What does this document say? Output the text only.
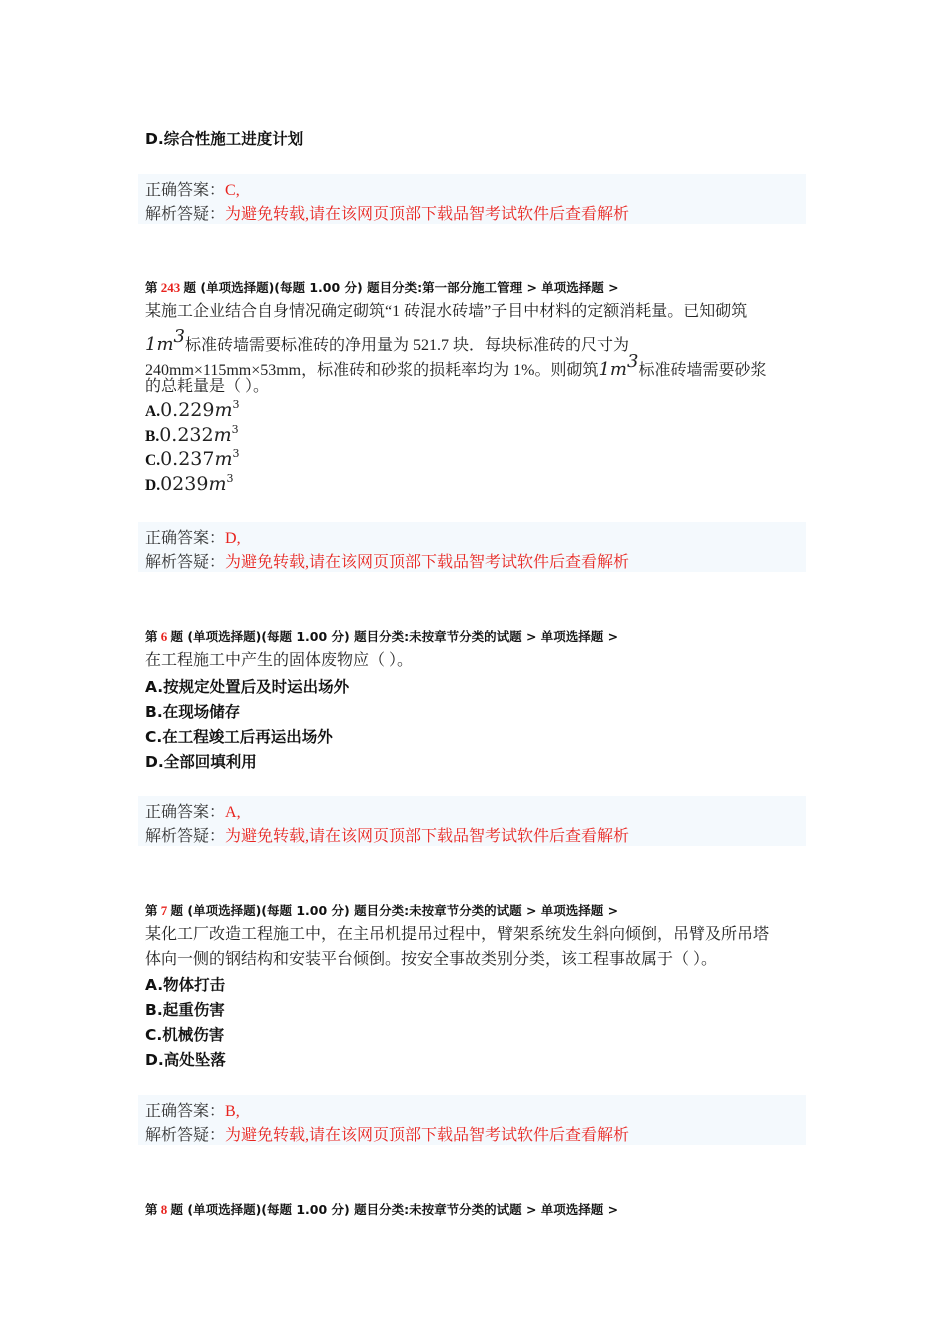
D.综合性施工进度计划
正确答案：C,
解析答疑：为避免转载,请在该网页顶部下载品智考试软件后查看解析
第 243 题 (单项选择题)(每题 1.00 分) 题目分类:第一部分施工管理 > 单项选择题 >
某施工企业结合自身情况确定砌筑“1 砖混水砖墙”子目中材料的定额消耗量。已知砌筑
$1m^3$标准砖墙需要标准砖的净用量为 521.7 块．每块标准砖的尺寸为
240mm×115mm×53mm，标准砖和砂浆的损耗率均为 1%。则砌筑$1m^3$标准砖墙需要砂浆
的总耗量是（ ）。
$A.0.229m^3$
$B.0.232m^3$
$C.0.237m^3$
$D.0239m^3$
正确答案：D,
解析答疑：为避免转载,请在该网页顶部下载品智考试软件后查看解析
第 6 题 (单项选择题)(每题 1.00 分) 题目分类:未按章节分类的试题 > 单项选择题 >
在工程施工中产生的固体废物应（ ）。
A.按规定处置后及时运出场外
B.在现场储存
C.在工程竣工后再运出场外
D.全部回填利用
正确答案：A,
解析答疑：为避免转载,请在该网页顶部下载品智考试软件后查看解析
第 7 题 (单项选择题)(每题 1.00 分) 题目分类:未按章节分类的试题 > 单项选择题 >
某化工厂改造工程施工中，在主吊机提吊过程中，臂架系统发生斜向倾倒，吊臂及所吊塔
体向一侧的钢结构和安装平台倾倒。按安全事故类别分类，该工程事故属于（ ）。
A.物体打击
B.起重伤害
C.机械伤害
D.高处坠落
正确答案：B,
解析答疑：为避免转载,请在该网页顶部下载品智考试软件后查看解析
第 8 题 (单项选择题)(每题 1.00 分) 题目分类:未按章节分类的试题 > 单项选择题 >
